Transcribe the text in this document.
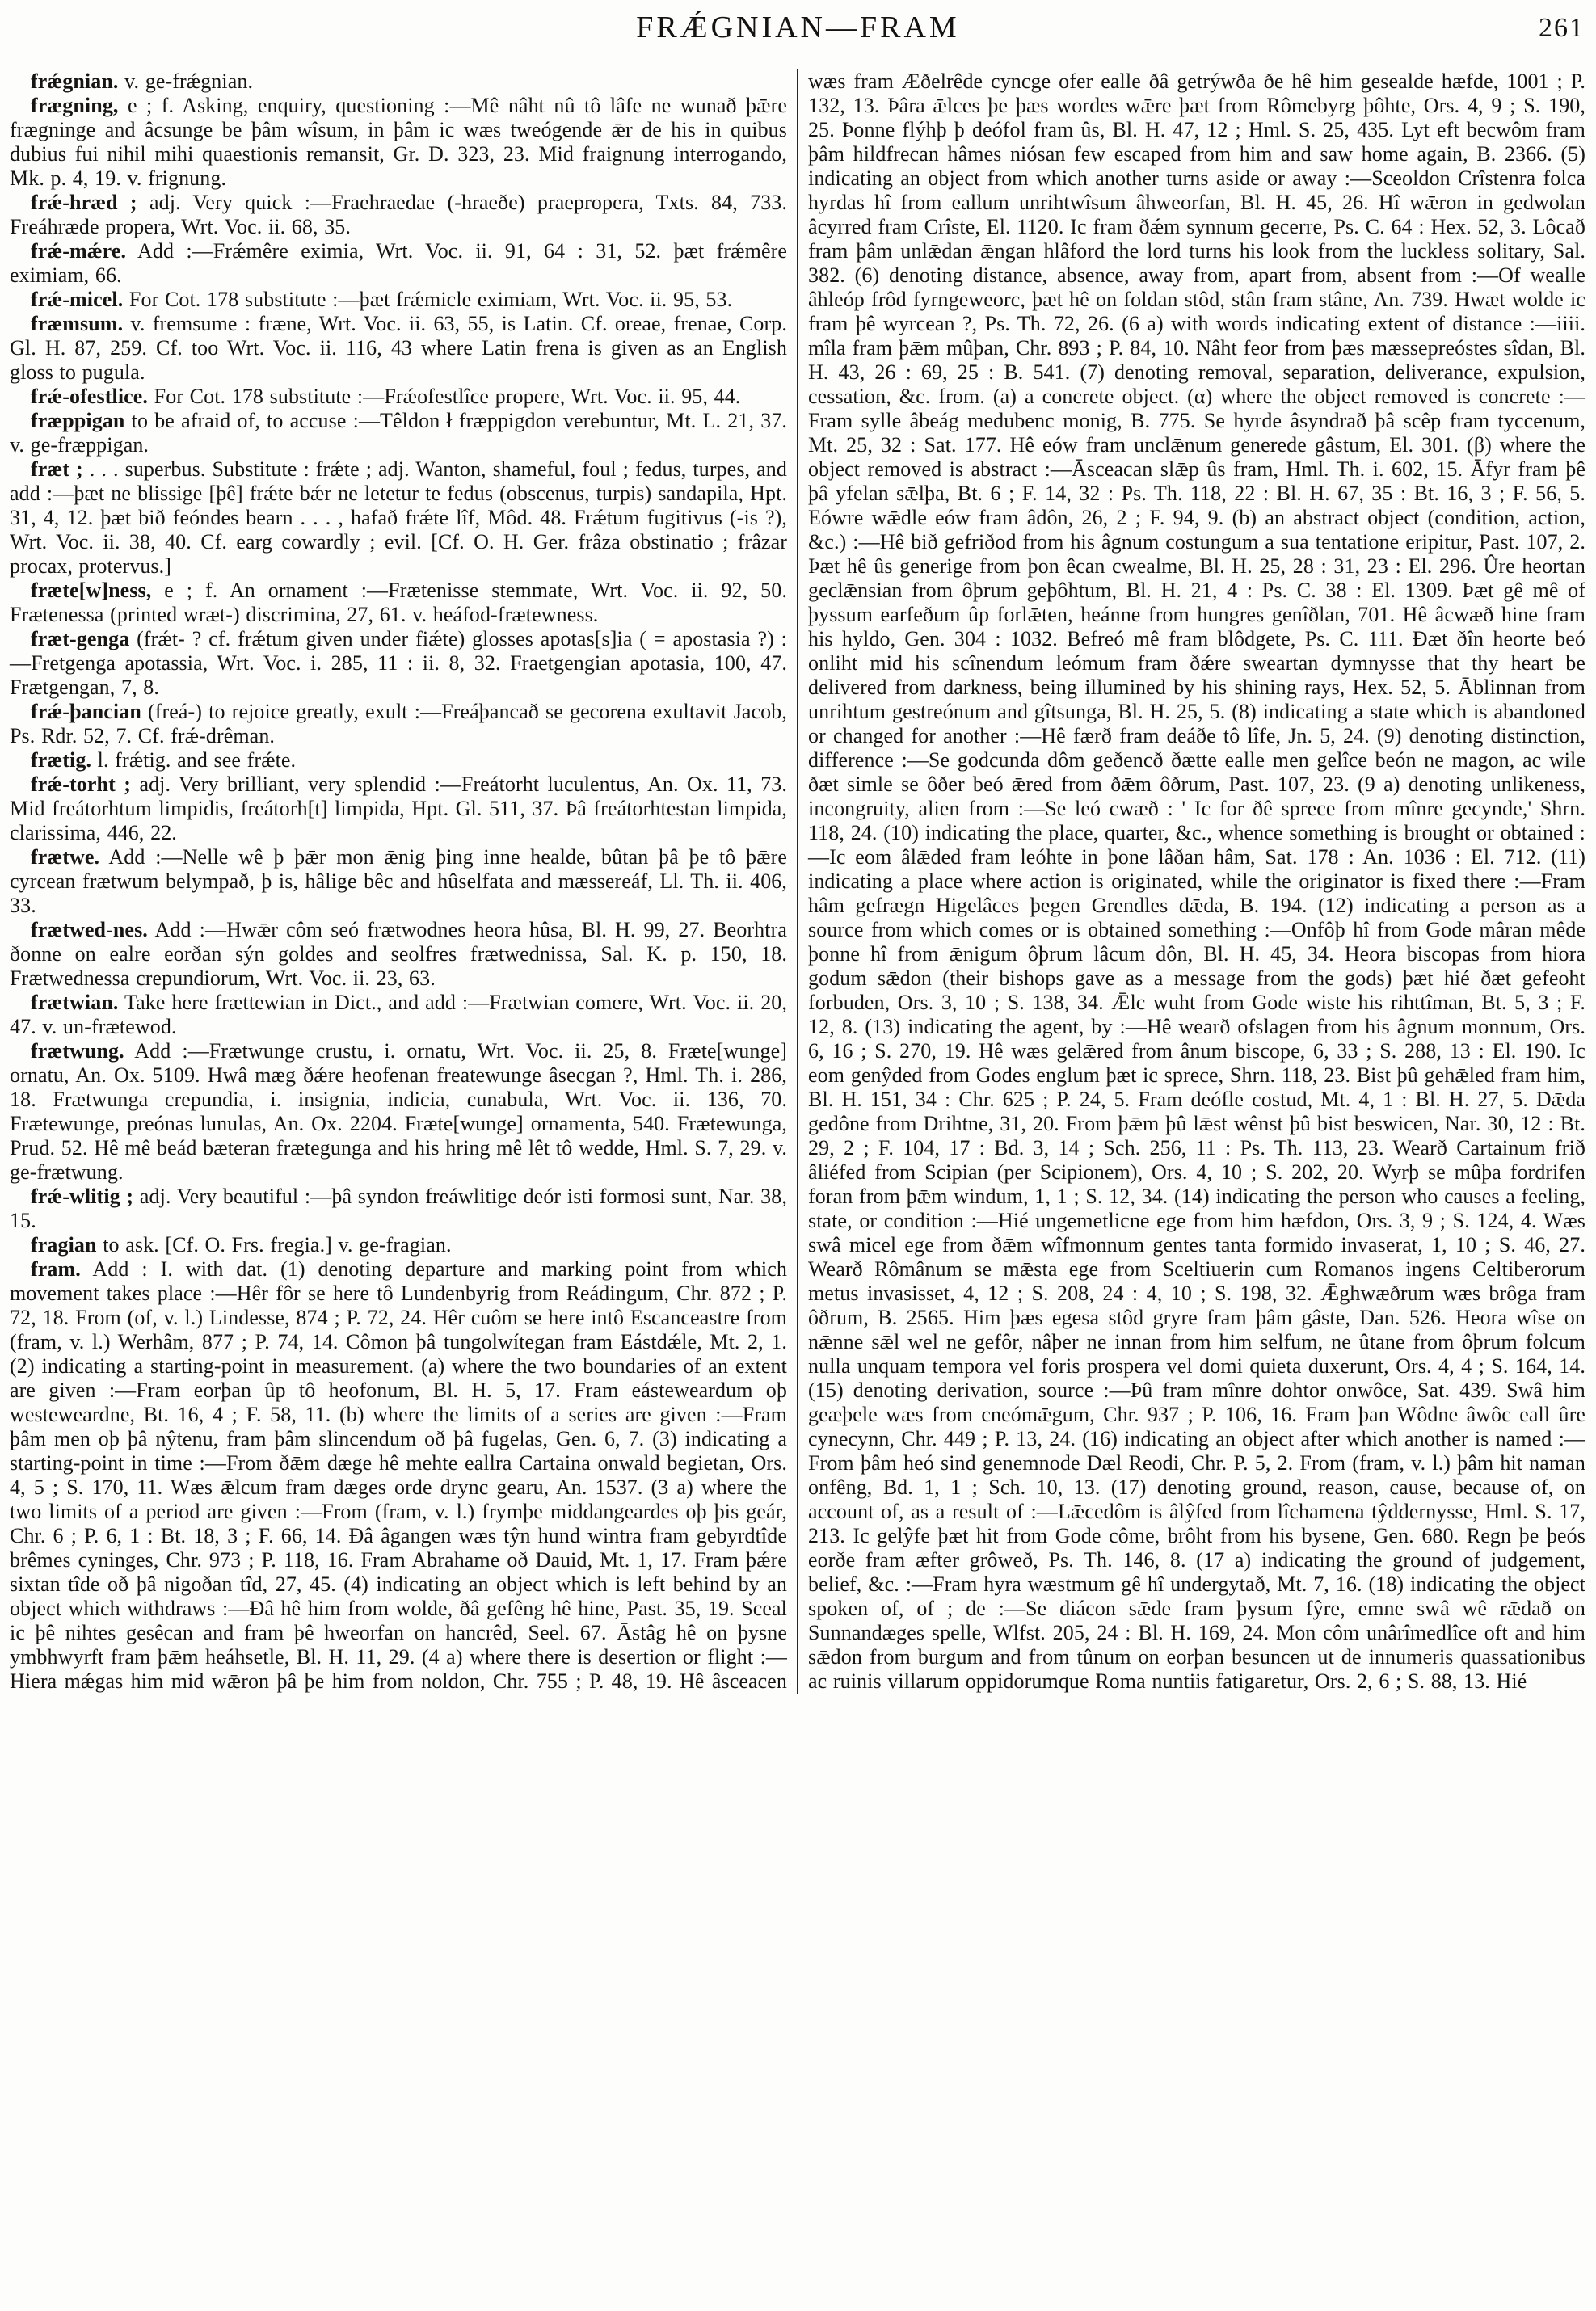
FRǼGNIAN—FRAM	261

frǽgnian. v. ge-frǽgnian.

frægning, e ; f. Asking, enquiry, questioning :—Mê nâht nû tô lâfe ne wunað þǣre frægninge and âcsunge be þâm wîsum, in þâm ic wæs tweógende ǣr de his in quibus dubius fui nihil mihi quaestionis remansit, Gr. D. 323, 23. Mid fraignung interrogando, Mk. p. 4, 19. v. frignung.

frǽ-hræd ; adj. Very quick :—Fraehraedae (-hraeðe) praepropera, Txts. 84, 733. Freáhræde propera, Wrt. Voc. ii. 68, 35.

frǽ-mǽre. Add :—Frǽmêre eximia, Wrt. Voc. ii. 91, 64 : 31, 52. þæt frǽmêre eximiam, 66.

frǽ-micel. For Cot. 178 substitute :—þæt frǽmicle eximiam, Wrt. Voc. ii. 95, 53.

fræmsum. v. fremsume : fræne, Wrt. Voc. ii. 63, 55, is Latin. Cf. oreae, frenae, Corp. Gl. H. 87, 259. Cf. too Wrt. Voc. ii. 116, 43 where Latin frena is given as an English gloss to pugula.

frǽ-ofestlice. For Cot. 178 substitute :—Frǽofestlîce propere, Wrt. Voc. ii. 95, 44.

fræppigan to be afraid of, to accuse :—Têldon ł fræppigdon verebuntur, Mt. L. 21, 37. v. ge-fræppigan.

fræt ; . . . superbus. Substitute : frǽte ; adj. Wanton, shameful, foul ; fedus, turpes, and add :—þæt ne blissige [þê] frǽte bǽr ne letetur te fedus (obscenus, turpis) sandapila, Hpt. 31, 4, 12. þæt bið feóndes bearn . . . , hafað frǽte lîf, Môd. 48. Frǽtum fugitivus (-is ?), Wrt. Voc. ii. 38, 40. Cf. earg cowardly ; evil. [Cf. O. H. Ger. frâza obstinatio ; frâzar procax, protervus.]

fræte[w]ness, e ; f. An ornament :—Frætenisse stemmate, Wrt. Voc. ii. 92, 50. Frætenessa (printed wræt-) discrimina, 27, 61. v. heáfod-frætewness.

fræt-genga (frǽt- ? cf. frǽtum given under fiǽte) glosses apotas[s]ia ( = apostasia ?) :—Fretgenga apotassia, Wrt. Voc. i. 285, 11 : ii. 8, 32. Fraetgengian apotasia, 100, 47. Frætgengan, 7, 8.

frǽ-þancian (freá-) to rejoice greatly, exult :—Freáþancað se gecorena exultavit Jacob, Ps. Rdr. 52, 7. Cf. frǽ-drêman.

frætig. l. frǽtig. and see frǽte.

frǽ-torht ; adj. Very brilliant, very splendid :—Freátorht luculentus, An. Ox. 11, 73. Mid freátorhtum limpidis, freátorh[t] limpida, Hpt. Gl. 511, 37. Þâ freátorhtestan limpida, clarissima, 446, 22.

frætwe. Add :—Nelle wê þ þǣr mon ǣnig þing inne healde, bûtan þâ þe tô þǣre cyrcean frætwum belympað, þ is, hâlige bêc and hûselfata and mæssereáf, Ll. Th. ii. 406, 33.

frætwed-nes. Add :—Hwǣr côm seó frætwodnes heora hûsa, Bl. H. 99, 27. Beorhtra ðonne on ealre eorðan sýn goldes and seolfres frætwednissa, Sal. K. p. 150, 18. Frætwednessa crepundiorum, Wrt. Voc. ii. 23, 63.

frætwian. Take here frættewian in Dict., and add :—Frætwian comere, Wrt. Voc. ii. 20, 47. v. un-frætewod.

frætwung. Add :—Frætwunge crustu, i. ornatu, Wrt. Voc. ii. 25, 8. Fræte[wunge] ornatu, An. Ox. 5109. Hwâ mæg ðǽre heofenan freatewunge âsecgan ?, Hml. Th. i. 286, 18. Frætwunga crepundia, i. insignia, indicia, cunabula, Wrt. Voc. ii. 136, 70. Frætewunge, preónas lunulas, An. Ox. 2204. Fræte[wunge] ornamenta, 540. Frætewunga, Prud. 52. Hê mê beád bæteran frætegunga and his hring mê lêt tô wedde, Hml. S. 7, 29. v. ge-frætwung.

frǽ-wlitig ; adj. Very beautiful :—þâ syndon freáwlitige deór isti formosi sunt, Nar. 38, 15.

fragian to ask. [Cf. O. Frs. fregia.] v. ge-fragian.

fram. Add : I. with dat. (1) denoting departure and marking point from which movement takes place :—Hêr fôr se here tô Lundenbyrig from Reádingum, Chr. 872 ; P. 72, 18. From (of, v. l.) Lindesse, 874 ; P. 72, 24. Hêr cuôm se here intô Escanceastre from (fram, v. l.) Werhâm, 877 ; P. 74, 14. Cômon þâ tungolwítegan fram Eástdǽle, Mt. 2, 1. (2) indicating a starting-point in measurement. (a) where the two boundaries of an extent are given :—Fram eorþan ûp tô heofonum, Bl. H. 5, 17. Fram eásteweardum oþ westeweardne, Bt. 16, 4 ; F. 58, 11. (b) where the limits of a series are given :—Fram þâm men oþ þâ nŷtenu, fram þâm slincendum oð þâ fugelas, Gen. 6, 7. (3) indicating a starting-point in time :—From ðǣm dæge hê mehte eallra Cartaina onwald begietan, Ors. 4, 5 ; S. 170, 11. Wæs ǣlcum fram dæges orde drync gearu, An. 1537. (3 a) where the two limits of a period are given :—From (fram, v. l.) frymþe middangeardes oþ þis geár, Chr. 6 ; P. 6, 1 : Bt. 18, 3 ; F. 66, 14. Ðâ âgangen wæs tŷn hund wintra fram gebyrdtîde brêmes cyninges, Chr. 973 ; P. 118, 16. Fram Abrahame oð Dauid, Mt. 1, 17. Fram þǽre sixtan tîde oð þâ nigoðan tîd, 27, 45. (4) indicating an object which is left behind by an object which withdraws :—Ðâ hê him from wolde, ðâ gefêng hê hine, Past. 35, 19. Sceal ic þê nihtes gesêcan and fram þê hweorfan on hancrêd, Seel. 67. Āstâg hê on þysne ymbhwyrft fram þǣm heáhsetle, Bl. H. 11, 29. (4 a) where there is desertion or flight :—Hiera mǽgas him mid wǣron þâ þe him from noldon, Chr. 755 ; P. 48, 19. Hê âsceacen wæs fram Æðelrêde cyncge ofer ealle ðâ getrýwða ðe hê him gesealde hæfde, 1001 ; P. 132, 13. Þâra ǣlces þe þæs wordes wǣre þæt from Rômebyrg þôhte, Ors. 4, 9 ; S. 190, 25. Þonne flýhþ þ deófol fram ûs, Bl. H. 47, 12 ; Hml. S. 25, 435. Lyt eft becwôm fram þâm hildfrecan hâmes niósan few escaped from him and saw home again, B. 2366. (5) indicating an object from which another turns aside or away :—Sceoldon Crîstenra folca hyrdas hî from eallum unrihtwîsum âhweorfan, Bl. H. 45, 26. Hî wǣron in gedwolan âcyrred fram Crîste, El. 1120. Ic fram ðǽm synnum gecerre, Ps. C. 64 : Hex. 52, 3. Lôcað fram þâm unlǣdan ǣngan hlâford the lord turns his look from the luckless solitary, Sal. 382. (6) denoting distance, absence, away from, apart from, absent from :—Of wealle âhleóp frôd fyrngeweorc, þæt hê on foldan stôd, stân fram stâne, An. 739. Hwæt wolde ic fram þê wyrcean ?, Ps. Th. 72, 26. (6 a) with words indicating extent of distance :—iiii. mîla fram þǣm mûþan, Chr. 893 ; P. 84, 10. Nâht feor from þæs mæssepreóstes sîdan, Bl. H. 43, 26 : 69, 25 : B. 541. (7) denoting removal, separation, deliverance, expulsion, cessation, &c. from. (a) a concrete object. (α) where the object removed is concrete :—Fram sylle âbeág medubenc monig, B. 775. Se hyrde âsyndrað þâ scêp fram tyccenum, Mt. 25, 32 : Sat. 177. Hê eów fram unclǣnum generede gâstum, El. 301. (β) where the object removed is abstract :—Āsceacan slǣp ûs fram, Hml. Th. i. 602, 15. Āfyr fram þê þâ yfelan sǣlþa, Bt. 6 ; F. 14, 32 : Ps. Th. 118, 22 : Bl. H. 67, 35 : Bt. 16, 3 ; F. 56, 5. Eówre wǣdle eów fram âdôn, 26, 2 ; F. 94, 9. (b) an abstract object (condition, action, &c.) :—Hê bið gefriðod from his âgnum costungum a sua tentatione eripitur, Past. 107, 2. Þæt hê ûs generige from þon êcan cwealme, Bl. H. 25, 28 : 31, 23 : El. 296. Ûre heortan geclǣnsian from ôþrum geþôhtum, Bl. H. 21, 4 : Ps. C. 38 : El. 1309. Þæt gê mê of þyssum earfeðum ûp forlǣten, heánne from hungres genîðlan, 701. Hê âcwæð hine fram his hyldo, Gen. 304 : 1032. Befreó mê fram blôdgete, Ps. C. 111. Ðæt ðîn heorte beó onliht mid his scînendum leómum fram ðǽre sweartan dymnysse that thy heart be delivered from darkness, being illumined by his shining rays, Hex. 52, 5. Āblinnan from unrihtum gestreónum and gîtsunga, Bl. H. 25, 5. (8) indicating a state which is abandoned or changed for another :—Hê færð fram deáðe tô lîfe, Jn. 5, 24. (9) denoting distinction, difference :—Se godcunda dôm geðencð ðætte ealle men gelîce beón ne magon, ac wile ðæt simle se ôðer beó ǣred from ðǣm ôðrum, Past. 107, 23. (9 a) denoting unlikeness, incongruity, alien from :—Se leó cwæð : ' Ic for ðê sprece from mînre gecynde,' Shrn. 118, 24. (10) indicating the place, quarter, &c., whence something is brought or obtained :—Ic eom âlǣded fram leóhte in þone lâðan hâm, Sat. 178 : An. 1036 : El. 712. (11) indicating a place where action is originated, while the originator is fixed there :—Fram hâm gefrægn Higelâces þegen Grendles dǣda, B. 194. (12) indicating a person as a source from which comes or is obtained something :—Onfôþ hî from Gode mâran mêde þonne hî from ǣnigum ôþrum lâcum dôn, Bl. H. 45, 34. Heora biscopas from hiora godum sǣdon (their bishops gave as a message from the gods) þæt hié ðæt gefeoht forbuden, Ors. 3, 10 ; S. 138, 34. Ǣlc wuht from Gode wiste his rihttîman, Bt. 5, 3 ; F. 12, 8. (13) indicating the agent, by :—Hê wearð ofslagen from his âgnum monnum, Ors. 6, 16 ; S. 270, 19. Hê wæs gelǣred from ânum biscope, 6, 33 ; S. 288, 13 : El. 190. Ic eom genŷded from Godes englum þæt ic sprece, Shrn. 118, 23. Bist þû gehǣled fram him, Bl. H. 151, 34 : Chr. 625 ; P. 24, 5. Fram deófle costud, Mt. 4, 1 : Bl. H. 27, 5. Dǣda gedône from Drihtne, 31, 20. From þǣm þû lǣst wênst þû bist beswicen, Nar. 30, 12 : Bt. 29, 2 ; F. 104, 17 : Bd. 3, 14 ; Sch. 256, 11 : Ps. Th. 113, 23. Wearð Cartainum frið âliéfed from Scipian (per Scipionem), Ors. 4, 10 ; S. 202, 20. Wyrþ se mûþa fordrifen foran from þǣm windum, 1, 1 ; S. 12, 34. (14) indicating the person who causes a feeling, state, or condition :—Hié ungemetlicne ege from him hæfdon, Ors. 3, 9 ; S. 124, 4. Wæs swâ micel ege from ðǣm wîfmonnum gentes tanta formido invaserat, 1, 10 ; S. 46, 27. Wearð Rômânum se mǣsta ege from Sceltiuerin cum Romanos ingens Celtiberorum metus invasisset, 4, 12 ; S. 208, 24 : 4, 10 ; S. 198, 32. Ǣghwæðrum wæs brôga fram ôðrum, B. 2565. Him þæs egesa stôd gryre fram þâm gâste, Dan. 526. Heora wîse on nǣnne sǣl wel ne gefôr, nâþer ne innan from him selfum, ne ûtane from ôþrum folcum nulla unquam tempora vel foris prospera vel domi quieta duxerunt, Ors. 4, 4 ; S. 164, 14. (15) denoting derivation, source :—Þû fram mînre dohtor onwôce, Sat. 439. Swâ him geæþele wæs from cneómǣgum, Chr. 937 ; P. 106, 16. Fram þan Wôdne âwôc eall ûre cynecynn, Chr. 449 ; P. 13, 24. (16) indicating an object after which another is named :—From þâm heó sind genemnode Dæl Reodi, Chr. P. 5, 2. From (fram, v. l.) þâm hit naman onfêng, Bd. 1, 1 ; Sch. 10, 13. (17) denoting ground, reason, cause, because of, on account of, as a result of :—Lǣcedôm is âlŷfed from lîchamena tŷddernysse, Hml. S. 17, 213. Ic gelŷfe þæt hit from Gode côme, brôht from his bysene, Gen. 680. Regn þe þeós eorðe fram æfter grôweð, Ps. Th. 146, 8. (17 a) indicating the ground of judgement, belief, &c. :—Fram hyra wæstmum gê hî undergytað, Mt. 7, 16. (18) indicating the object spoken of, of ; de :—Se diácon sǣde fram þysum fŷre, emne swâ wê rǣdað on Sunnandæges spelle, Wlfst. 205, 24 : Bl. H. 169, 24. Mon côm unârîmedlîce oft and him sǣdon from burgum and from tûnum on eorþan besuncen ut de innumeris quassationibus ac ruinis villarum oppidorumque Roma nuntiis fatigaretur, Ors. 2, 6 ; S. 88, 13. Hié
